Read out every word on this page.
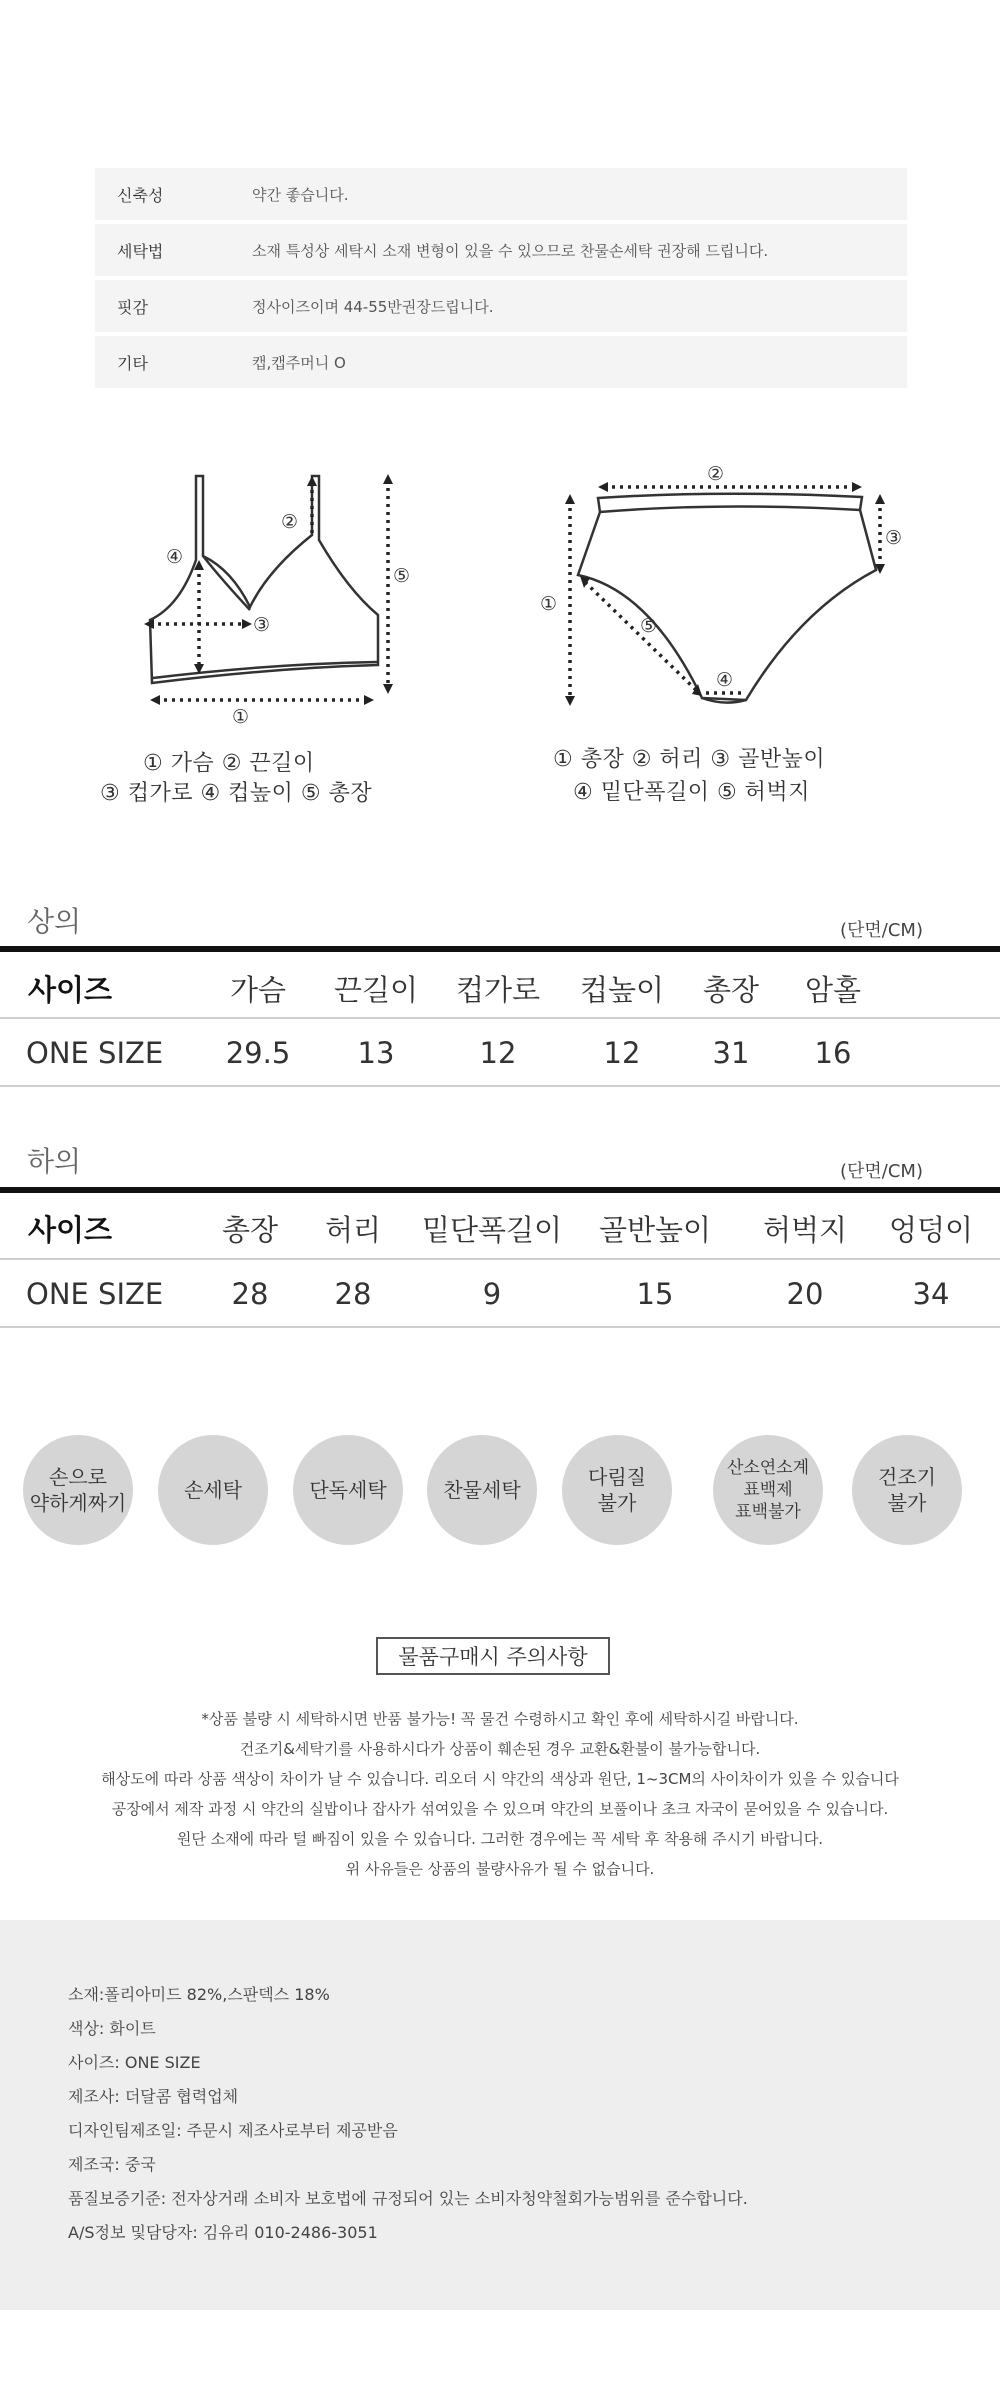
신축성	약간 좋습니다.
세탁법	소재 특성상 세탁시 소재 변형이 있을 수 있으므로 찬물손세탁 권장해 드립니다.
핏감	정사이즈이며 44-55반권장드립니다.
기타	캡,캡주머니 O
①
②
③
④
⑤
①
②
③
④
⑤
① 가슴 ② 끈길이
③ 컵가로 ④ 컵높이 ⑤ 총장
① 총장 ② 허리 ③ 골반높이
④ 밑단폭길이 ⑤ 허벅지
상의	(단면/CM)
사이즈	가슴	끈길이	컵가로	컵높이	총장	암홀
ONE SIZE	29.5	13	12	12	31	16
하의	(단면/CM)
사이즈	총장	허리	밑단폭길이	골반높이	허벅지	엉덩이
ONE SIZE	28	28	9	15	20	34
손으로
약하게짜기
손세탁	단독세탁	찬물세탁
다림질
불가
산소연소계
표백제
표백불가
건조기
불가
물품구매시 주의사항
*상품 불량 시 세탁하시면 반품 불가능! 꼭 물건 수령하시고 확인 후에 세탁하시길 바랍니다.
건조기&세탁기를 사용하시다가 상품이 훼손된 경우 교환&환불이 불가능합니다.
해상도에 따라 상품 색상이 차이가 날 수 있습니다. 리오더 시 약간의 색상과 원단, 1~3CM의 사이차이가 있을 수 있습니다
공장에서 제작 과정 시 약간의 실밥이나 잡사가 섞여있을 수 있으며 약간의 보풀이나 초크 자국이 묻어있을 수 있습니다.
원단 소재에 따라 털 빠짐이 있을 수 있습니다. 그러한 경우에는 꼭 세탁 후 착용해 주시기 바랍니다.
위 사유들은 상품의 불량사유가 될 수 없습니다.
소재:폴리아미드 82%,스판덱스 18%
색상: 화이트
사이즈: ONE SIZE
제조사: 더달콤 협력업체
디자인팀제조일: 주문시 제조사로부터 제공받음
제조국: 중국
품질보증기준: 전자상거래 소비자 보호법에 규정되어 있는 소비자청약철회가능범위를 준수합니다.
A/S정보 및담당자: 김유리 010-2486-3051
